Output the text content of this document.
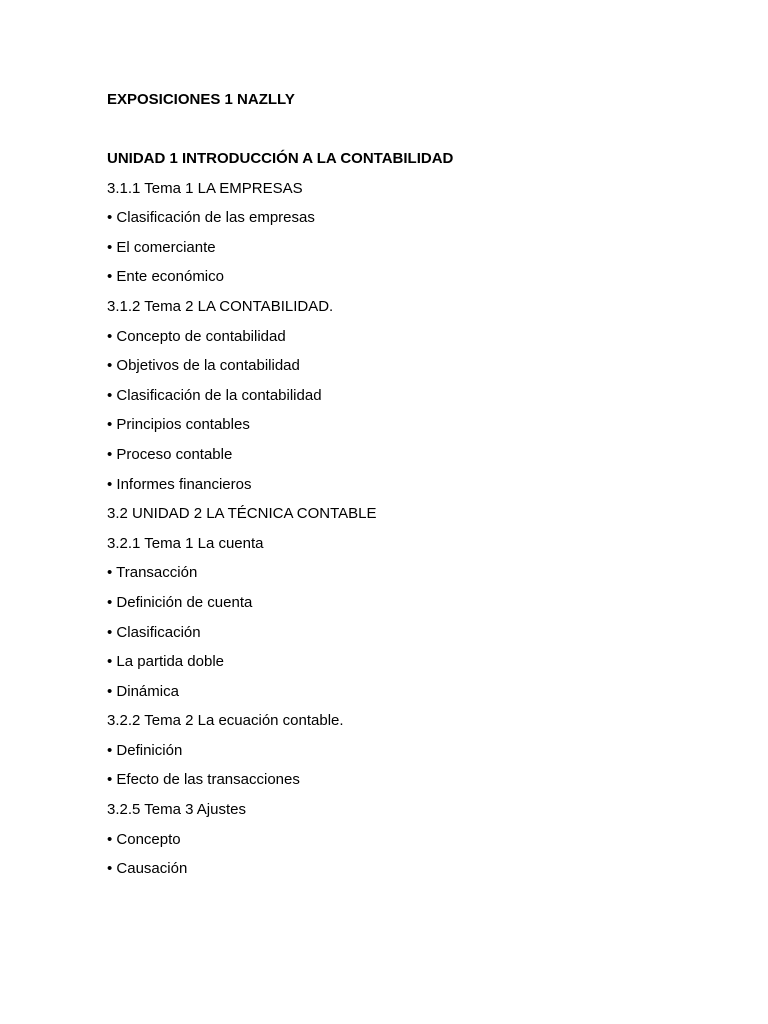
EXPOSICIONES 1 NAZLLY
UNIDAD 1 INTRODUCCIÓN A LA CONTABILIDAD
3.1.1 Tema 1 LA EMPRESAS
• Clasificación de las empresas
• El comerciante
• Ente económico
3.1.2 Tema 2 LA CONTABILIDAD.
• Concepto de contabilidad
• Objetivos de la contabilidad
• Clasificación de la contabilidad
• Principios contables
• Proceso contable
• Informes financieros
3.2 UNIDAD 2 LA TÉCNICA CONTABLE
3.2.1 Tema 1 La cuenta
• Transacción
• Definición de cuenta
• Clasificación
• La partida doble
• Dinámica
3.2.2 Tema 2 La ecuación contable.
• Definición
• Efecto de las transacciones
3.2.5 Tema 3 Ajustes
• Concepto
• Causación
